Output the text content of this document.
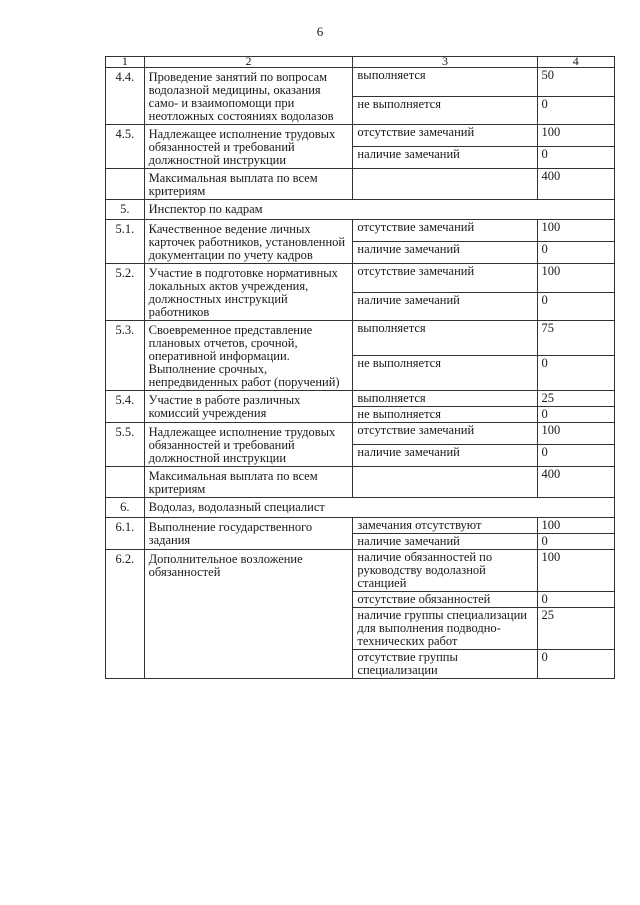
6
1	2	3	4
4.4.	Проведение занятий по вопросам водолазной медицины, оказания само- и взаимопомощи при неотложных состояниях водолазов	выполняется	50
		не выполняется	0
4.5.	Надлежащее исполнение трудовых обязанностей и требований должностной инструкции	отсутствие замечаний	100
		наличие замечаний	0
	Максимальная выплата по всем критериям		400
5.	Инспектор по кадрам		
5.1.	Качественное ведение личных карточек работников, установленной документации по учету кадров	отсутствие замечаний	100
		наличие замечаний	0
5.2.	Участие в подготовке нормативных локальных актов учреждения, должностных инструкций работников	отсутствие замечаний	100
		наличие замечаний	0
5.3.	Своевременное представление плановых отчетов, срочной, оперативной информации. Выполнение срочных, непредвиденных работ (поручений)	выполняется	75
		не выполняется	0
5.4.	Участие в работе различных комиссий учреждения	выполняется	25
		не выполняется	0
5.5.	Надлежащее исполнение трудовых обязанностей и требований должностной инструкции	отсутствие замечаний	100
		наличие замечаний	0
	Максимальная выплата по всем критериям		400
6.	Водолаз, водолазный специалист		
6.1.	Выполнение государственного задания	замечания отсутствуют	100
		наличие замечаний	0
6.2.	Дополнительное возложение обязанностей	наличие обязанностей по руководству водолазной станцией	100
		отсутствие обязанностей	0
		наличие группы специализации для выполнения подводно-технических работ	25
		отсутствие группы специализации	0
